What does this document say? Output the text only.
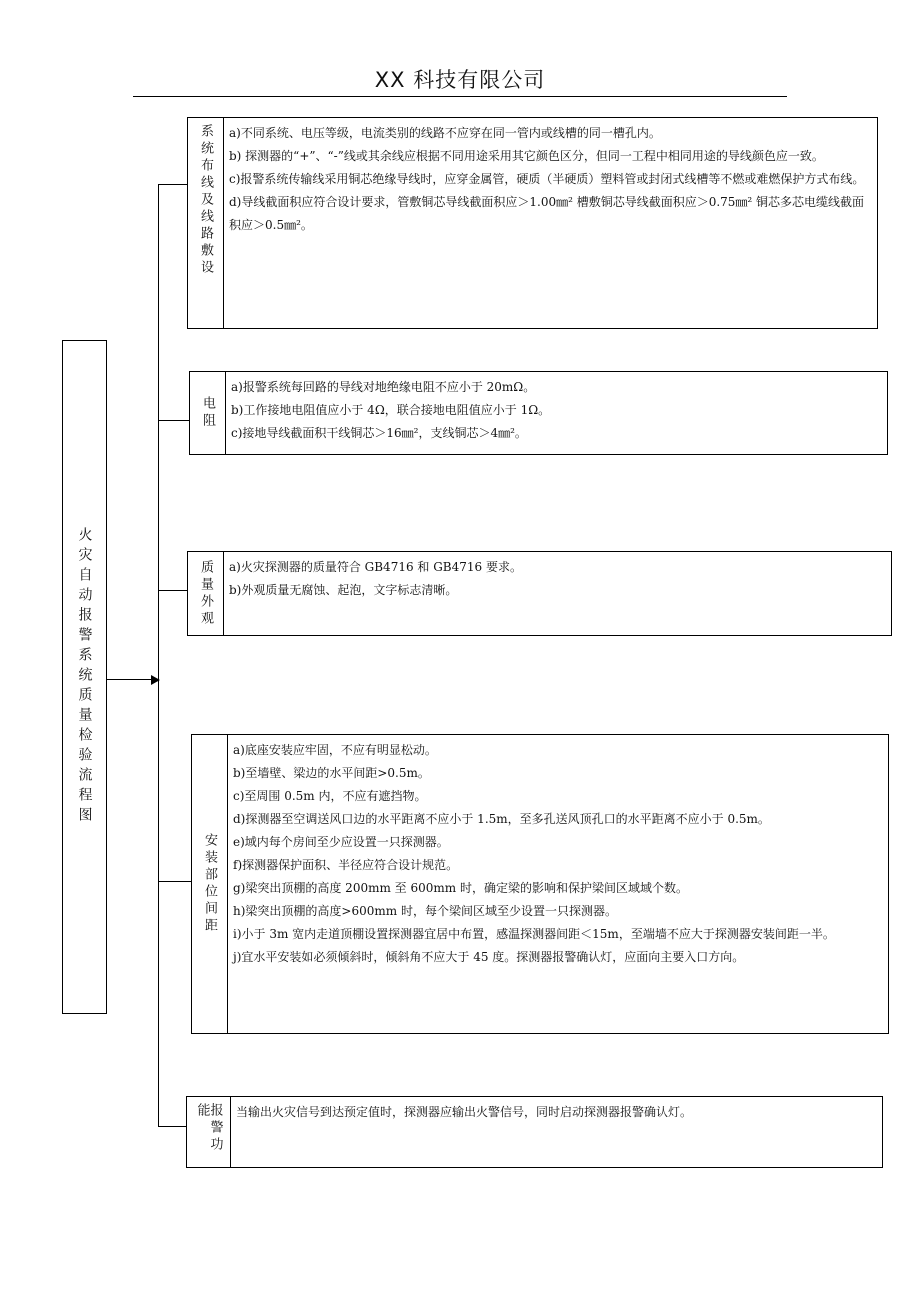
XX 科技有限公司
火灾自动报警系统质量检验流程图
系统布线及线路敷设 a)不同系统、电压等级，电流类别的线路不应穿在同一管内或线槽的同一槽孔内。

b) 探测器的“+”、“-”线或其余线应根据不同用途采用其它颜色区分，但同一工程中相同用途的导线颜色应一致。

c)报警系统传输线采用铜芯绝缘导线时，应穿金属管，硬质（半硬质）塑料管或封闭式线槽等不燃或难燃保护方式布线。

d)导线截面积应符合设计要求，管敷铜芯导线截面积应＞1.00㎜² 槽敷铜芯导线截面积应＞0.75㎜² 铜芯多芯电缆线截面积应＞0.5㎜²。

电阻

a)报警系统每回路的导线对地绝缘电阻不应小于 20mΩ。

b)工作接地电阻值应小于 4Ω，联合接地电阻值应小于 1Ω。

c)接地导线截面积干线铜芯＞16㎜²，支线铜芯＞4㎜²。

质量外观 a)火灾探测器的质量符合 GB4716 和 GB4716 要求。

b)外观质量无腐蚀、起泡，文字标志清晰。

安装部位间距

a)底座安装应牢固，不应有明显松动。

b)至墙壁、梁边的水平间距>0.5m。

c)至周围 0.5m 内，不应有遮挡物。

d)探测器至空调送风口边的水平距离不应小于 1.5m，至多孔送风顶孔口的水平距离不应小于 0.5m。

e)域内每个房间至少应设置一只探测器。

f)探测器保护面积、半径应符合设计规范。

g)梁突出顶棚的高度 200mm 至 600mm 时，确定梁的影响和保护梁间区域域个数。

h)梁突出顶棚的高度>600mm 时，每个梁间区域至少设置一只探测器。

i)小于 3m 宽内走道顶棚设置探测器宜居中布置，感温探测器间距＜15m，至端墙不应大于探测器安装间距一半。

j)宜水平安装如必须倾斜时，倾斜角不应大于 45 度。探测器报警确认灯，应面向主要入口方向。

报警功能	当输出火灾信号到达预定值时，探测器应输出火警信号，同时启动探测器报警确认灯。
